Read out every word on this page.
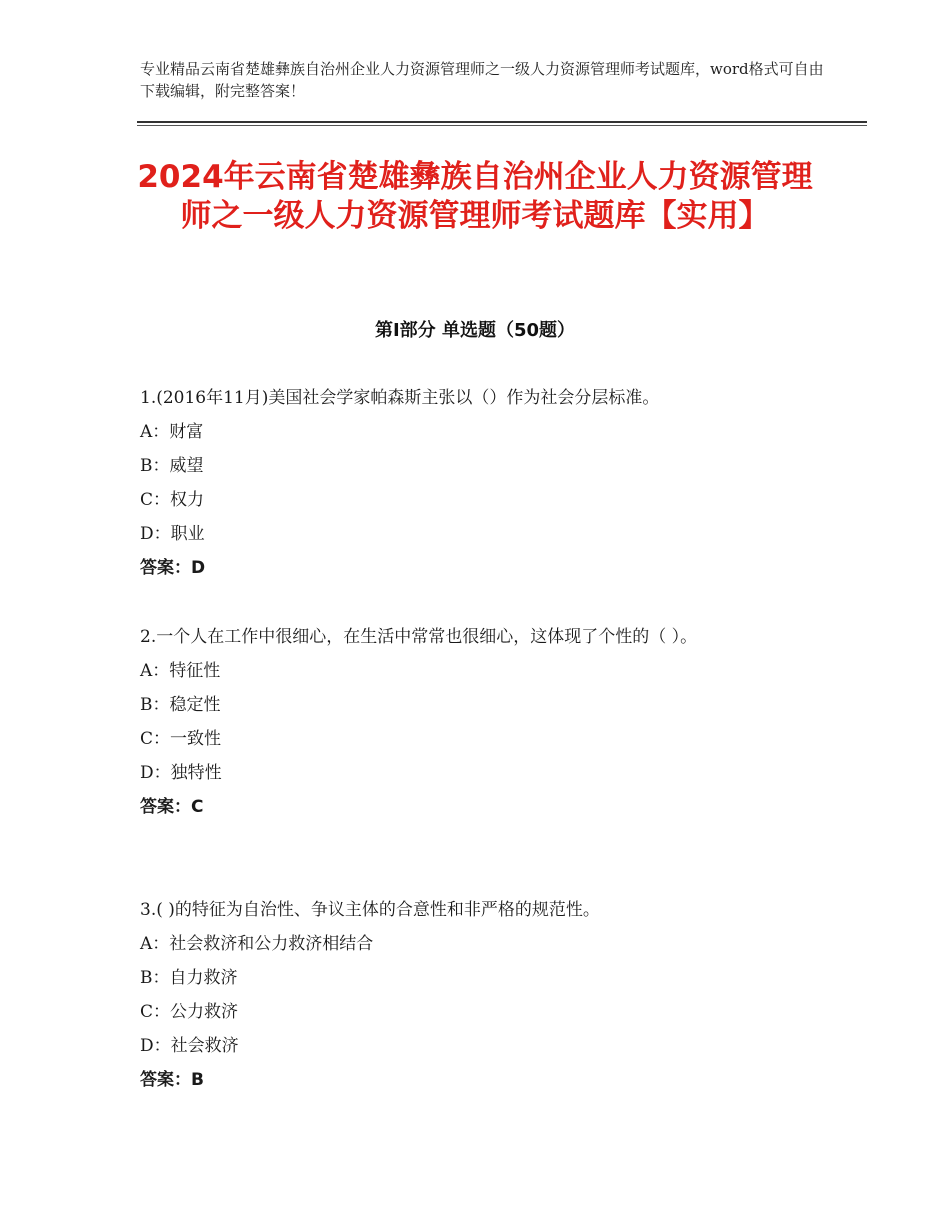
专业精品云南省楚雄彝族自治州企业人力资源管理师之一级人力资源管理师考试题库，word格式可自由下载编辑，附完整答案！
2024年云南省楚雄彝族自治州企业人力资源管理师之一级人力资源管理师考试题库【实用】
第Ⅰ部分 单选题（50题）
1.(2016年11月)美国社会学家帕森斯主张以（）作为社会分层标准。
A：财富
B：威望
C：权力
D：职业
答案：D
2.一个人在工作中很细心，在生活中常常也很细心，这体现了个性的（ ）。
A：特征性
B：稳定性
C：一致性
D：独特性
答案：C
3.( )的特征为自治性、争议主体的合意性和非严格的规范性。
A：社会救济和公力救济相结合
B：自力救济
C：公力救济
D：社会救济
答案：B
